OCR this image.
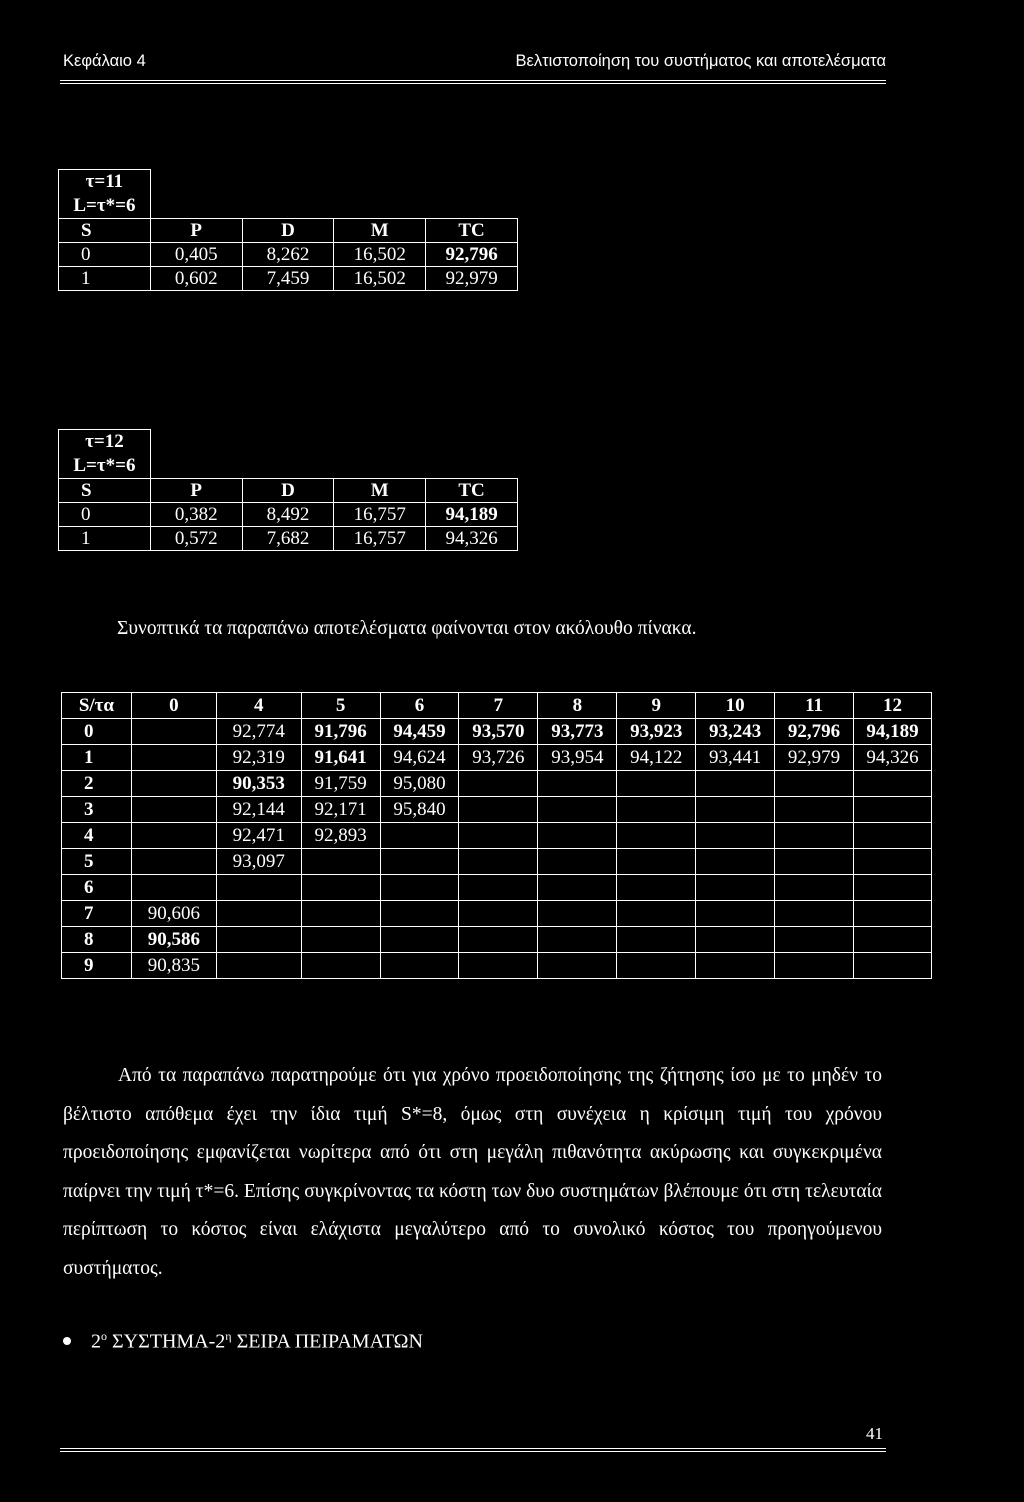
Κεφάλαιο 4	Βελτιστοποίηση του συστήματος και αποτελέσματα
τ=11
L=τ*=6				
S	P	D	M	TC
0	0,405	8,262	16,502	92,796
1	0,602	7,459	16,502	92,979
τ=12
L=τ*=6				
S	P	D	M	TC
0	0,382	8,492	16,757	94,189
1	0,572	7,682	16,757	94,326
Συνοπτικά τα παραπάνω αποτελέσματα φαίνονται στον ακόλουθο πίνακα.
S/τα	0	4	5	6	7	8	9	10	11	12
0		92,774	91,796	94,459	93,570	93,773	93,923	93,243	92,796	94,189
1		92,319	91,641	94,624	93,726	93,954	94,122	93,441	92,979	94,326
2		90,353	91,759	95,080						
3		92,144	92,171	95,840						
4		92,471	92,893							
5		93,097								
6										
7	90,606									
8	90,586									
9	90,835									

Από τα παραπάνω παρατηρούμε ότι για χρόνο προειδοποίησης της ζήτησης ίσο με το μηδέν το βέλτιστο απόθεμα έχει την ίδια τιμή S*=8, όμως στη συνέχεια η κρίσιμη τιμή του χρόνου προειδοποίησης εμφανίζεται νωρίτερα από ότι στη μεγάλη πιθανότητα ακύρωσης και συγκεκριμένα παίρνει την τιμή τ*=6. Επίσης συγκρίνοντας τα κόστη των δυο συστημάτων βλέπουμε ότι στη τελευταία περίπτωση το κόστος είναι ελάχιστα μεγαλύτερο από το συνολικό κόστος του προηγούμενου συστήματος.

$2^o$ ΣΥΣΤΗΜΑ-$2^\eta$ ΣΕΙΡΑ ΠΕΙΡΑΜΑΤΩΝ
41
